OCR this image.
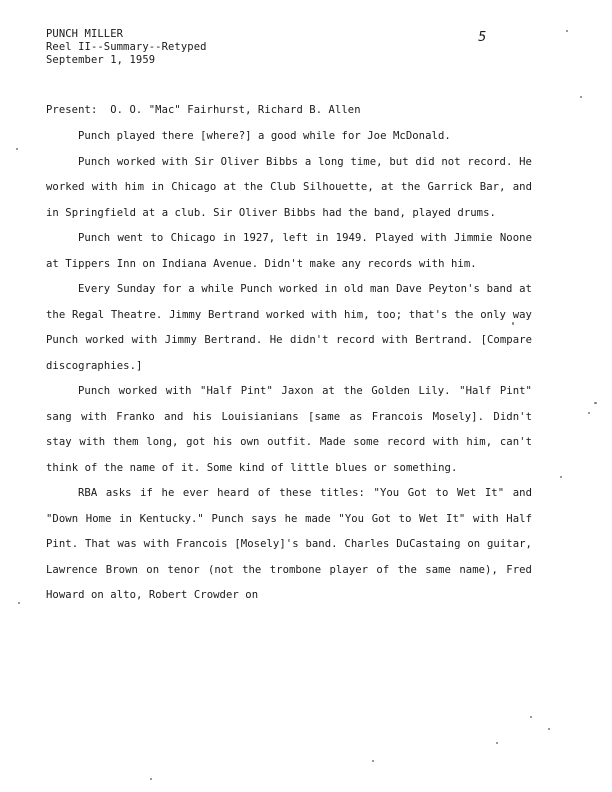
PUNCH MILLER
Reel II--Summary--Retyped
September 1, 1959
5
Present:  O. O. "Mac" Fairhurst, Richard B. Allen

Punch played there [where?] a good while for Joe McDonald.

Punch worked with Sir Oliver Bibbs a long time, but did not record. He worked with him in Chicago at the Club Silhouette, at the Garrick Bar, and in Springfield at a club. Sir Oliver Bibbs had the band, played drums.

Punch went to Chicago in 1927, left in 1949. Played with Jimmie Noone at Tippers Inn on Indiana Avenue. Didn't make any records with him.

Every Sunday for a while Punch worked in old man Dave Peyton's band at the Regal Theatre. Jimmy Bertrand worked with him, too; that's the only way Punch worked with Jimmy Bertrand. He didn't record with Bertrand. [Compare discographies.]

Punch worked with "Half Pint" Jaxon at the Golden Lily. "Half Pint" sang with Franko and his Louisianians [same as Francois Mosely]. Didn't stay with them long, got his own outfit. Made some record with him, can't think of the name of it. Some kind of little blues or something.

RBA asks if he ever heard of these titles: "You Got to Wet It" and "Down Home in Kentucky." Punch says he made "You Got to Wet It" with Half Pint. That was with Francois [Mosely]'s band. Charles DuCastaing on guitar, Lawrence Brown on tenor (not the trombone player of the same name), Fred Howard on alto, Robert Crowder on
